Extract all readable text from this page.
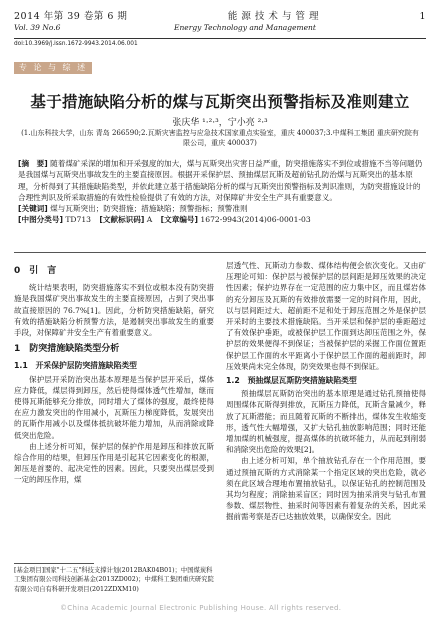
2014 年第 39 卷第 6 期	能 源 技 术 与 管 理	1
Vol. 39 No.6	Energy Technology and Management
doi:10.3969/j.issn.1672-9943.2014.06.001
专 论 与 综 述
基于措施缺陷分析的煤与瓦斯突出预警指标及准则建立
张庆华 ¹·²·³，宁小亮 ²·³
(1.山东科技大学，山东 青岛 266590;2.瓦斯灾害监控与应急技术国家重点实验室，重庆 400037;3.中煤科工集团 重庆研究院有限公司，重庆 400037)

[摘　要] 随着煤矿采深的增加和开采强度的加大，煤与瓦斯突出灾害日益严重，防突措施落实不到位或措施不当等问题仍是我国煤与瓦斯突出事故发生的主要直接原因。根据开采保护层、预抽煤层瓦斯及超前钻孔防治煤与瓦斯突出的基本原理，分析得到了其措施缺陷类型，并依此建立基于措施缺陷分析的煤与瓦斯突出预警指标及判识准则，为防突措施设计的合理性判识及所采取措施的有效性检验提供了有效的方法，对保障矿井安全生产具有重要意义。

[关键词] 煤与瓦斯突出；防突措施；措施缺陷；预警指标；预警准则
[中图分类号] TD713 [文献标识码] A [文章编号] 1672-9943(2014)06-0001-03
0　引　言

统计结果表明，防突措施落实不到位或根本没有防突措施是我国煤矿突出事故发生的主要直接原因，占到了突出事故直接原因的 76.7%[1]。因此，分析防突措施缺陷，研究有效的措施缺陷分析预警方法，是遏制突出事故发生的重要手段，对保障矿井安全生产有着重要意义。

1　防突措施缺陷类型分析
1.1　开采保护层防突措施缺陷类型

保护层开采防治突出基本原理是当保护层开采后，煤体应力降低，煤层得到卸压，然后使得煤体透气性增加，继而使得瓦斯能够充分排放，同时增大了煤体的强度，最终使得在应力激发突出的作用减小，瓦斯压力梯度降低，发展突出的瓦斯作用减小以及煤体抵抗破坏能力增加，从而消除或降低突出危险。

由上述分析可知，保护层的保护作用是卸压和排放瓦斯综合作用的结果，但卸压作用是引起其它因素变化的根源，卸压是首要的、起决定性的因素。因此，只要突出煤层受到一定的卸压作用，煤

层透气性、瓦斯动力参数、煤体结构便会依次变化。又由矿压理论可知：保护层与被保护层的层间距是卸压效果的决定性因素；保护边界存在一定范围的应力集中区，而且煤岩体的充分卸压及瓦斯的有效排放需要一定的时间作用，因此，以与层间距过大、超前距不足和处于卸压范围之外是保护层开采时的主要技术措施缺陷。当开采层和保护层的垂距超过了有效保护垂距，或被保护层工作面到达卸压范围之外，保护层的效果便得不到保证；当被保护层的采掘工作面位置距保护层工作面的水平距离小于保护层工作面的超前距时，卸压效果尚未完全体现，防突效果也得不到保证。

1.2　预抽煤层瓦斯防突措施缺陷类型

预抽煤层瓦斯防治突出的基本原理是通过钻孔预抽使得周围煤体瓦斯得到排放，瓦斯压力降低，瓦斯含量减少，释放了瓦斯潜能；而且随着瓦斯的不断排出，煤体发生收缩变形，透气性大幅增强，又扩大钻孔抽放影响范围；同时还能增加煤的机械强度，提高煤体的抗破坏能力，从而起到削弱和消除突出危险的效果[2]。

由上述分析可知，单个抽放钻孔存在一个作用范围，要通过预抽瓦斯的方式消除某一个指定区域的突出危险，就必须在此区域合理地布置抽放钻孔，以保证钻孔的控制范围及其均匀程度；消除抽采盲区；同时因为抽采消突与钻孔布置参数、煤层物性、抽采时间等因素有着复杂的关系，因此采掘前需考察是否已达抽放效果，以确保安全。因此

[基金项目]国家"十二五"科技支撑计划(2012BAK04B01)；中国煤炭科工集团有限公司科技创新基金(2013ZD002)；中煤科工集团重庆研究院有限公司自有科研开发项目(2012ZDXM10)
©China Academic Journal Electronic Publishing House. All rights reserved.
